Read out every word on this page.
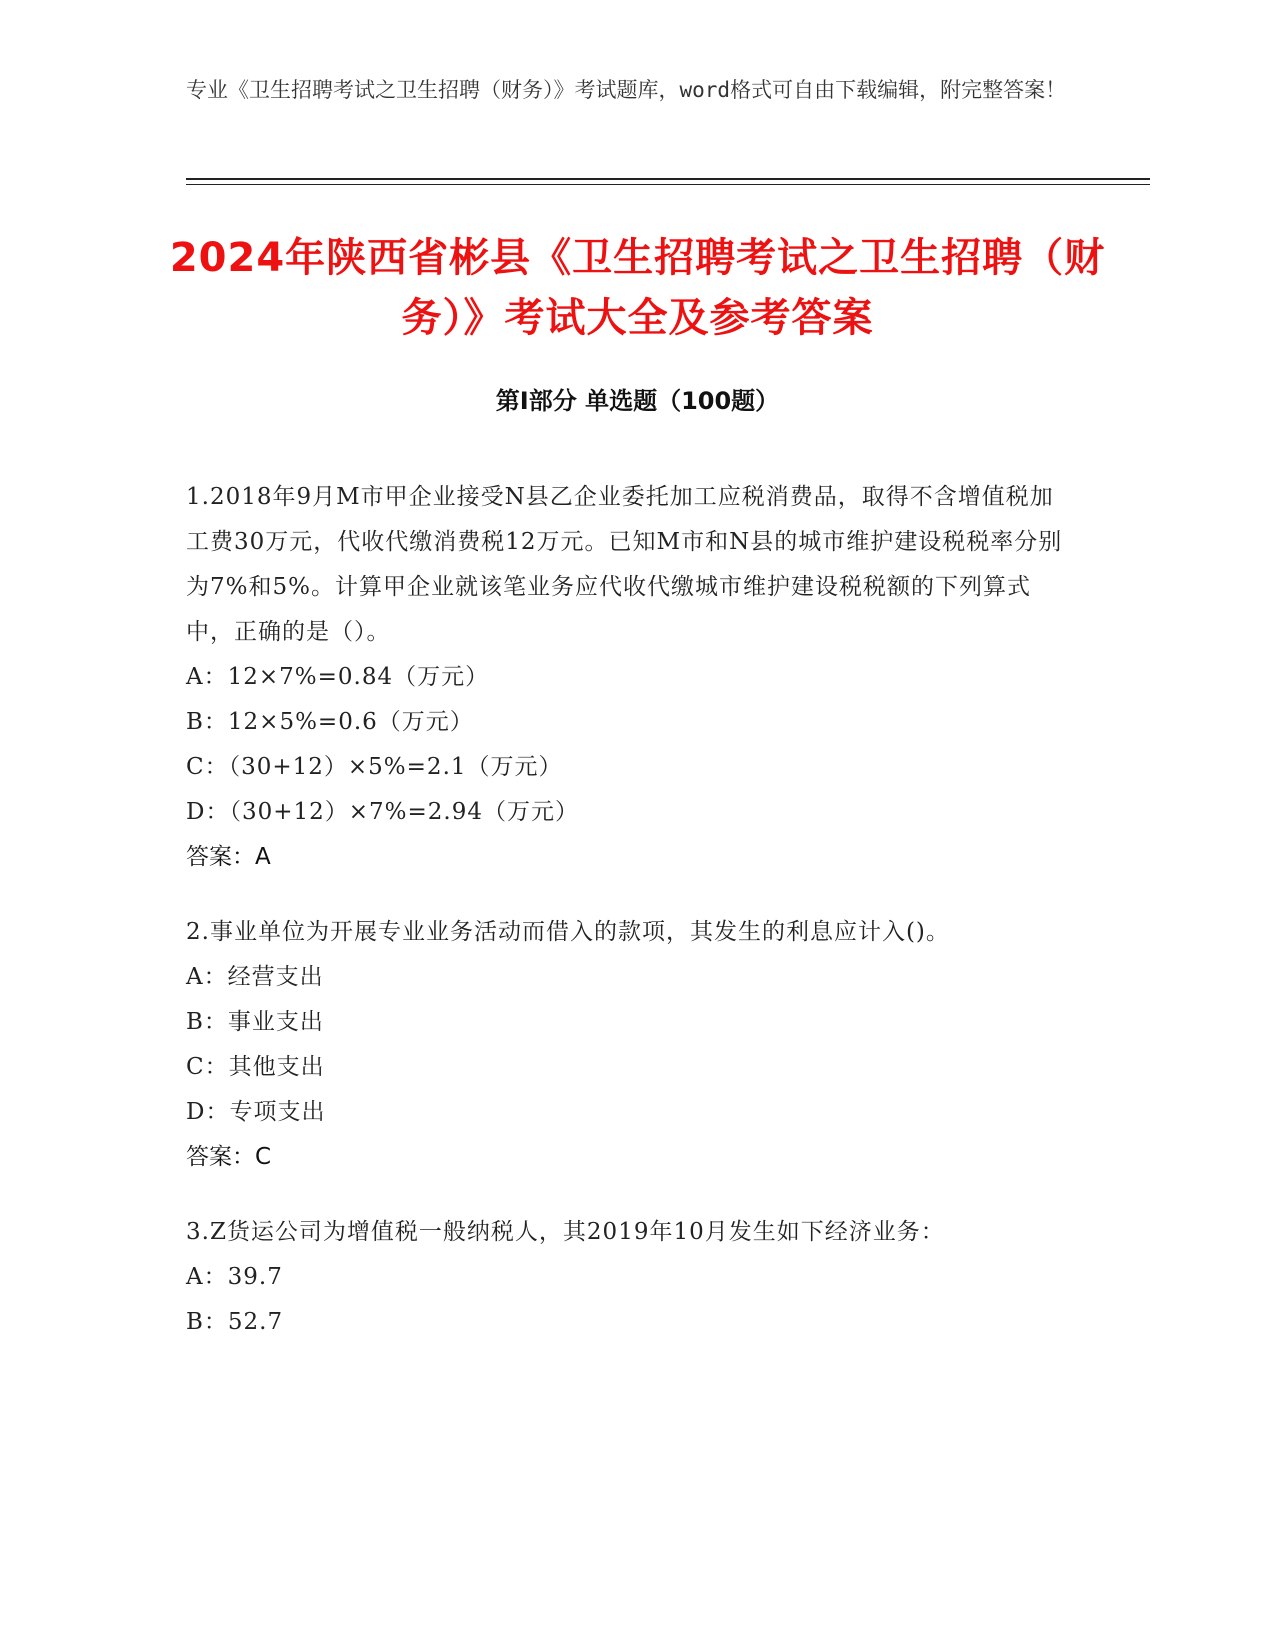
专业《卫生招聘考试之卫生招聘（财务）》考试题库，word格式可自由下载编辑，附完整答案！
2024年陕西省彬县《卫生招聘考试之卫生招聘（财务）》考试大全及参考答案
第Ⅰ部分 单选题（100题）

1.2018年9月M市甲企业接受N县乙企业委托加工应税消费品，取得不含增值税加工费30万元，代收代缴消费税12万元。已知M市和N县的城市维护建设税税率分别为7%和5%。计算甲企业就该笔业务应代收代缴城市维护建设税税额的下列算式中，正确的是（）。

A：12×7%=0.84（万元）

B：12×5%=0.6（万元）

C：（30+12）×5%=2.1（万元）

D：（30+12）×7%=2.94（万元）

答案：A

2.事业单位为开展专业业务活动而借入的款项，其发生的利息应计入()。

A：经营支出

B：事业支出

C：其他支出

D：专项支出

答案：C

3.Z货运公司为增值税一般纳税人，其2019年10月发生如下经济业务：

A：39.7

B：52.7
